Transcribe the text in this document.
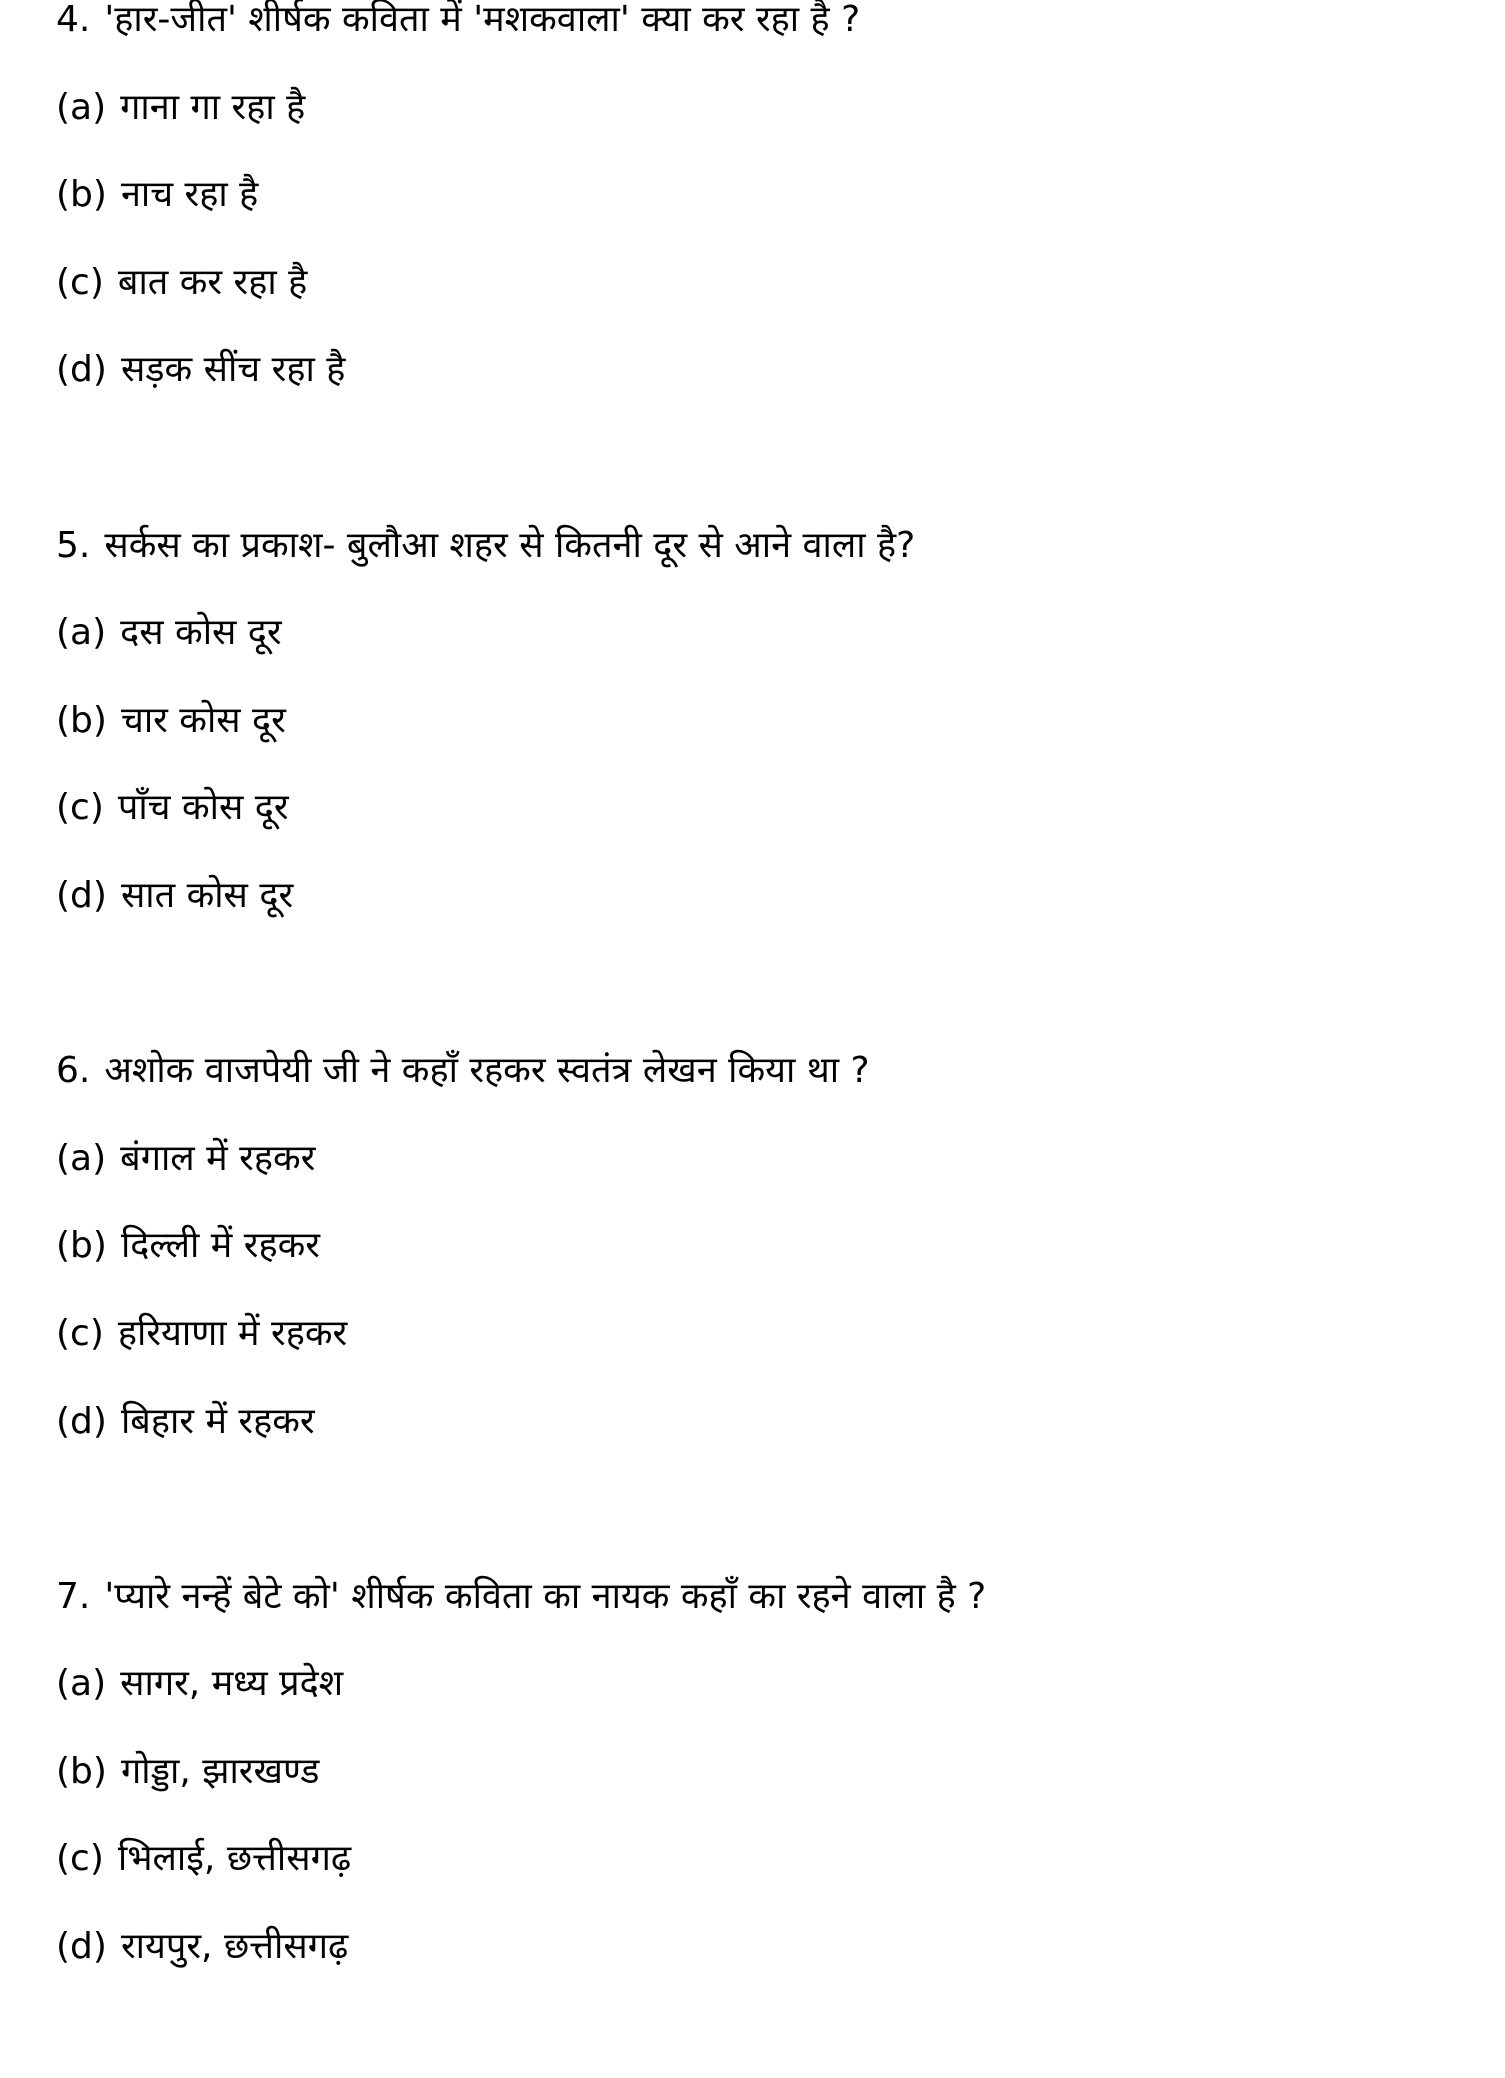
4. 'हार-जीत' शीर्षक कविता में 'मशकवाला' क्या कर रहा है ?
(a) गाना गा रहा है
(b) नाच रहा है
(c) बात कर रहा है
(d) सड़क सींच रहा है
5. सर्कस का प्रकाश- बुलौआ शहर से कितनी दूर से आने वाला है?
(a) दस कोस दूर
(b) चार कोस दूर
(c) पाँच कोस दूर
(d) सात कोस दूर
6. अशोक वाजपेयी जी ने कहाँ रहकर स्वतंत्र लेखन किया था ?
(a) बंगाल में रहकर
(b) दिल्ली में रहकर
(c) हरियाणा में रहकर
(d) बिहार में रहकर
7. 'प्यारे नन्हें बेटे को' शीर्षक कविता का नायक कहाँ का रहने वाला है ?
(a) सागर, मध्य प्रदेश
(b) गोड्डा, झारखण्ड
(c) भिलाई, छत्तीसगढ़
(d) रायपुर, छत्तीसगढ़
